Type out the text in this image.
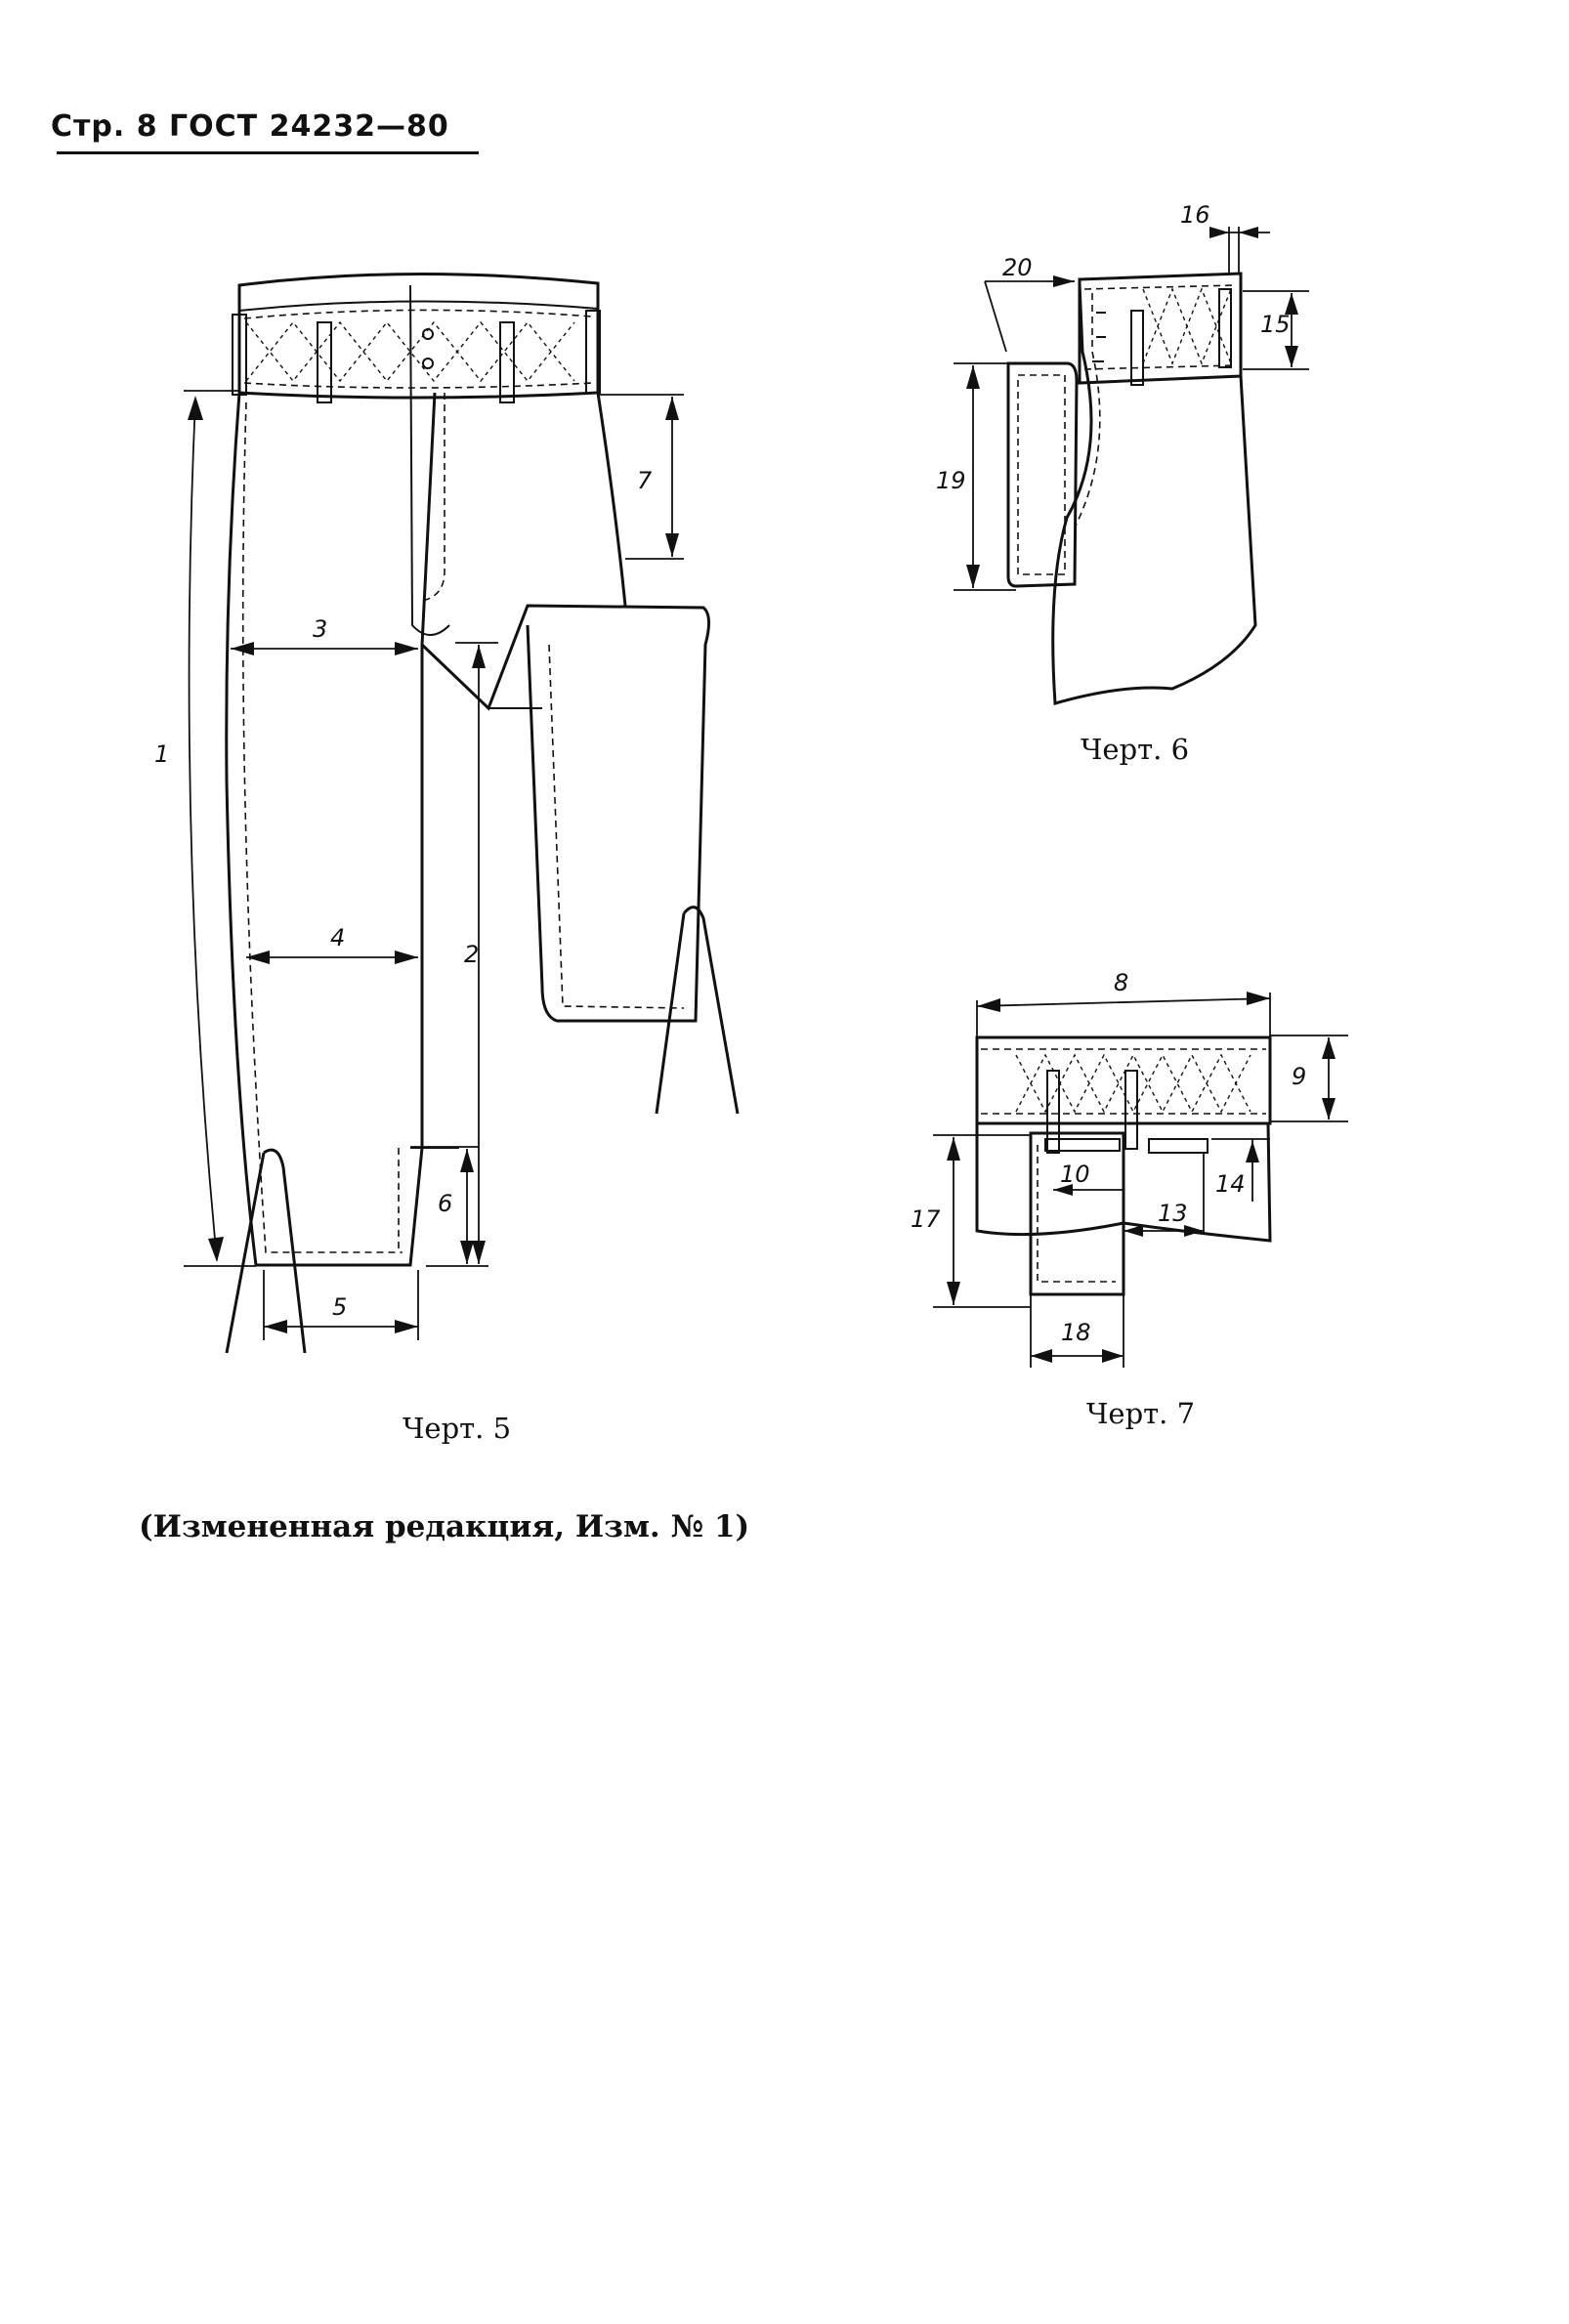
Стр. 8 ГОСТ 24232—80
1
2
3
4
5
6
7
15
16
19
20
8
9
10
13
14
17
18
Черт. 5
Черт. 6
Черт. 7
(Измененная редакция, Изм. № 1)
